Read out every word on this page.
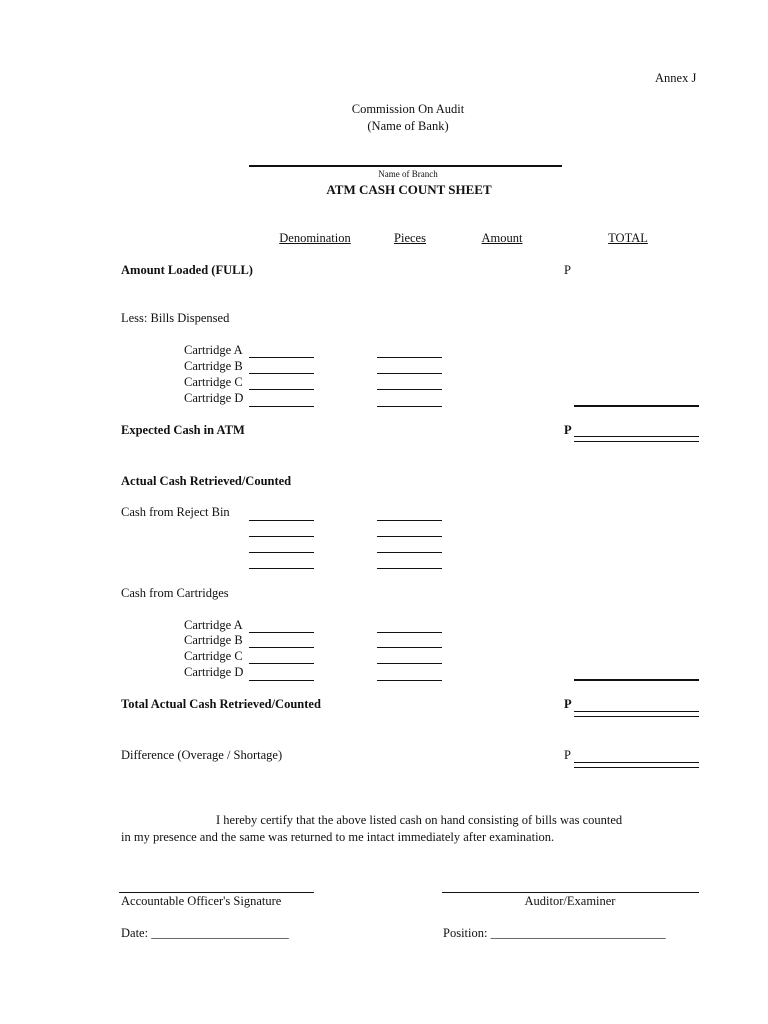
Annex J
Commission On Audit
(Name of Bank)
Name of Branch
ATM CASH COUNT SHEET
Denomination	Pieces	Amount	TOTAL
Amount Loaded (FULL)	P
Less: Bills Dispensed
Cartridge A
Cartridge B
Cartridge C
Cartridge D
Expected Cash in ATM	P
Actual Cash Retrieved/Counted
Cash from Reject Bin
Cash from Cartridges
Cartridge A
Cartridge B
Cartridge C
Cartridge D
Total Actual Cash Retrieved/Counted	P
Difference (Overage / Shortage)	P
I hereby certify that the above listed cash on hand consisting of bills was counted
in my presence and the same was returned to me intact immediately after examination.
Accountable Officer's Signature	Auditor/Examiner
Date: ______________________	Position: ____________________________
